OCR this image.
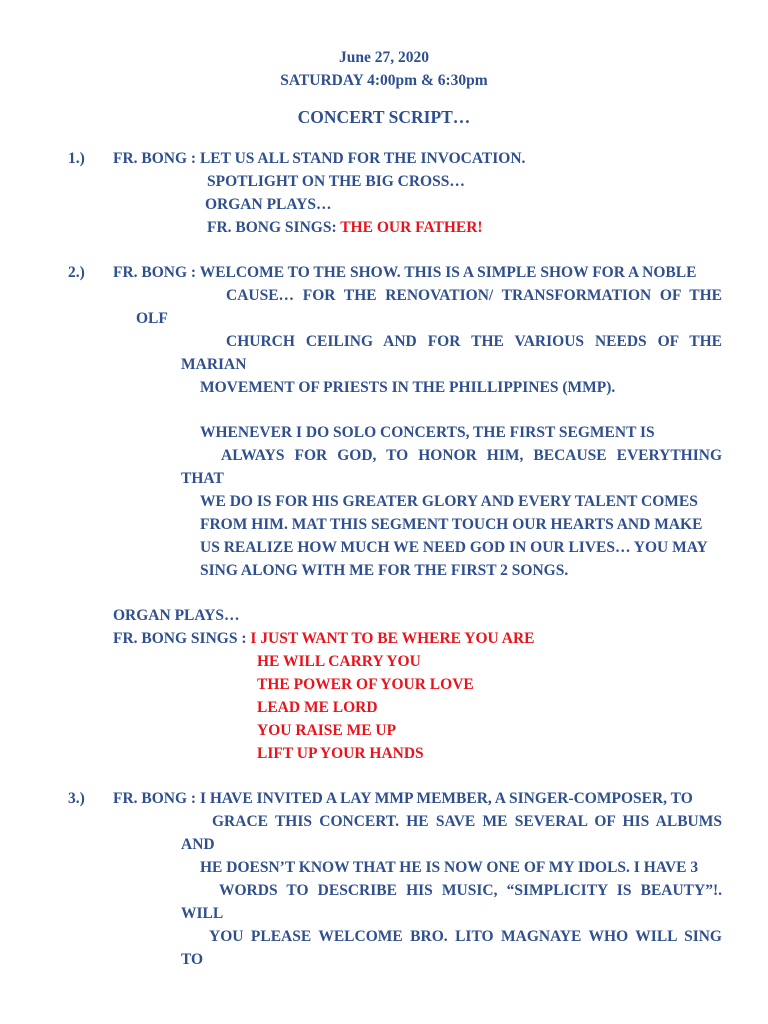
June 27, 2020
SATURDAY 4:00pm & 6:30pm
CONCERT SCRIPT…
1.) FR. BONG : LET US ALL STAND FOR THE INVOCATION.
SPOTLIGHT ON THE BIG CROSS…
ORGAN PLAYS…
FR. BONG SINGS: THE OUR FATHER!
2.) FR. BONG : WELCOME TO THE SHOW. THIS IS A SIMPLE SHOW FOR A NOBLE
CAUSE… FOR THE RENOVATION/ TRANSFORMATION OF THE
OLF
CHURCH CEILING AND FOR THE VARIOUS NEEDS OF THE
MARIAN
MOVEMENT OF PRIESTS IN THE PHILLIPPINES (MMP).
WHENEVER I DO SOLO CONCERTS, THE FIRST SEGMENT IS
ALWAYS FOR GOD, TO HONOR HIM, BECAUSE EVERYTHING
THAT
WE DO IS FOR HIS GREATER GLORY AND EVERY TALENT COMES
FROM HIM. MAT THIS SEGMENT TOUCH OUR HEARTS AND MAKE
US REALIZE HOW MUCH WE NEED GOD IN OUR LIVES… YOU MAY
SING ALONG WITH ME FOR THE FIRST 2 SONGS.
ORGAN PLAYS…
FR. BONG SINGS : I JUST WANT TO BE WHERE YOU ARE
HE WILL CARRY YOU
THE POWER OF YOUR LOVE
LEAD ME LORD
YOU RAISE ME UP
LIFT UP YOUR HANDS
3.) FR. BONG : I HAVE INVITED A LAY MMP MEMBER, A SINGER-COMPOSER, TO
GRACE THIS CONCERT. HE SAVE ME SEVERAL OF HIS ALBUMS
AND
HE DOESN’T KNOW THAT HE IS NOW ONE OF MY IDOLS. I HAVE 3
WORDS TO DESCRIBE HIS MUSIC, “SIMPLICITY IS BEAUTY”!.
WILL
YOU PLEASE WELCOME BRO. LITO MAGNAYE WHO WILL SING
TO
